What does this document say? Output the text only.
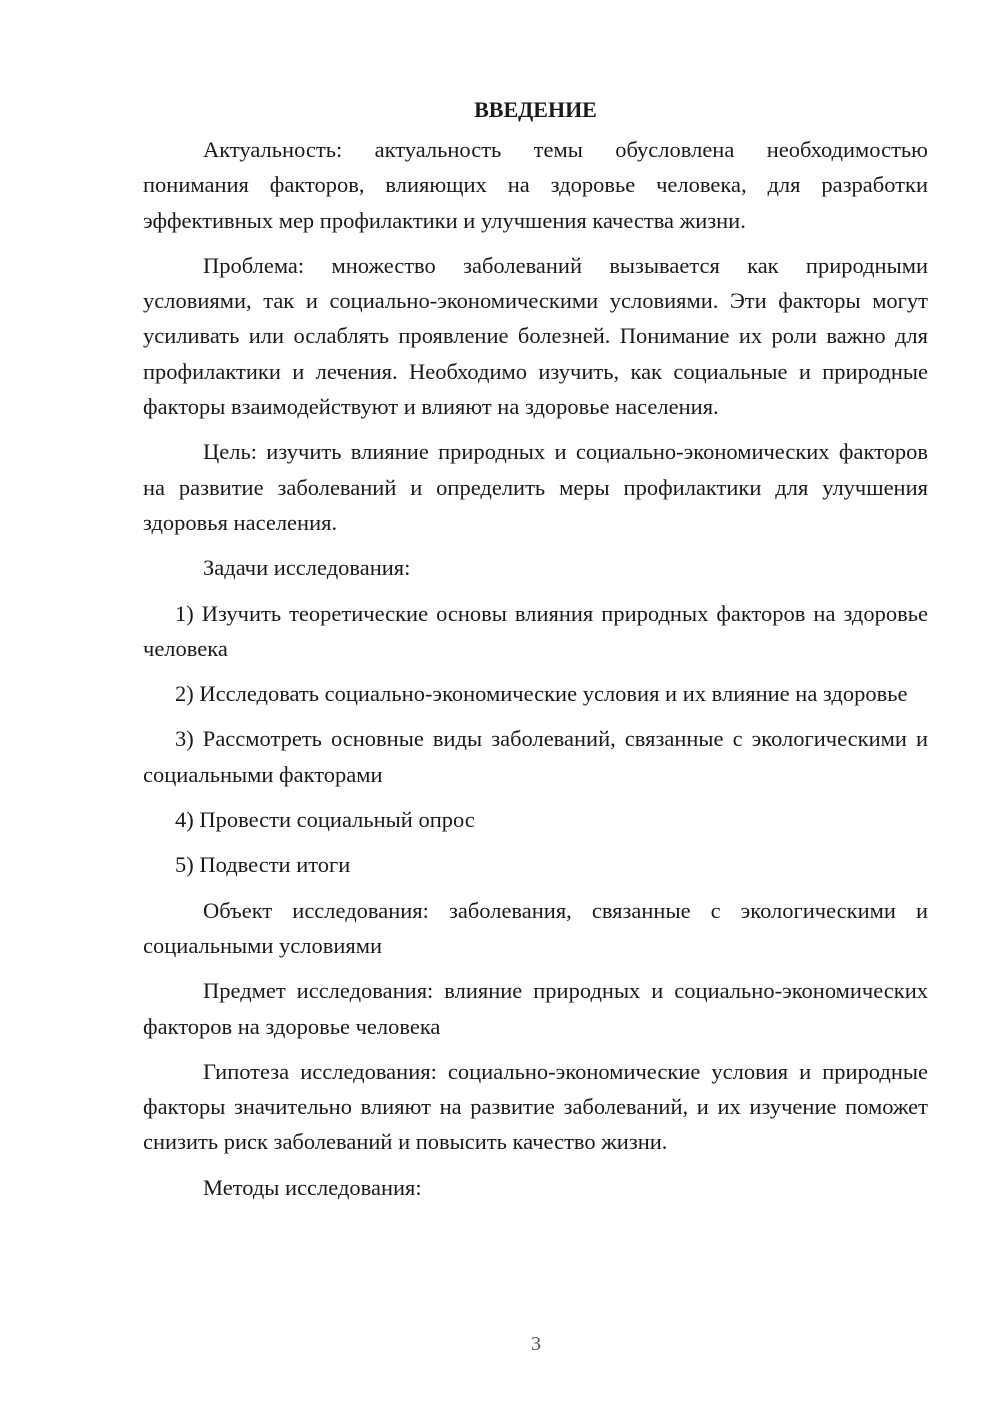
ВВЕДЕНИЕ

Актуальность: актуальность темы обусловлена необходимостью понимания факторов, влияющих на здоровье человека, для разработки эффективных мер профилактики и улучшения качества жизни.

Проблема: множество заболеваний вызывается как природными условиями, так и социально-экономическими условиями. Эти факторы могут усиливать или ослаблять проявление болезней. Понимание их роли важно для профилактики и лечения. Необходимо изучить, как социальные и природные факторы взаимодействуют и влияют на здоровье населения.

Цель: изучить влияние природных и социально-экономических факторов на развитие заболеваний и определить меры профилактики для улучшения здоровья населения.

Задачи исследования:

1) Изучить теоретические основы влияния природных факторов на здоровье человека

2) Исследовать социально-экономические условия и их влияние на здоровье

3) Рассмотреть основные виды заболеваний, связанные с экологическими и социальными факторами

4) Провести социальный опрос

5) Подвести итоги

Объект исследования: заболевания, связанные с экологическими и социальными условиями

Предмет исследования: влияние природных и социально-экономических факторов на здоровье человека

Гипотеза исследования: социально-экономические условия и природные факторы значительно влияют на развитие заболеваний, и их изучение поможет снизить риск заболеваний и повысить качество жизни.

Методы исследования:

3
